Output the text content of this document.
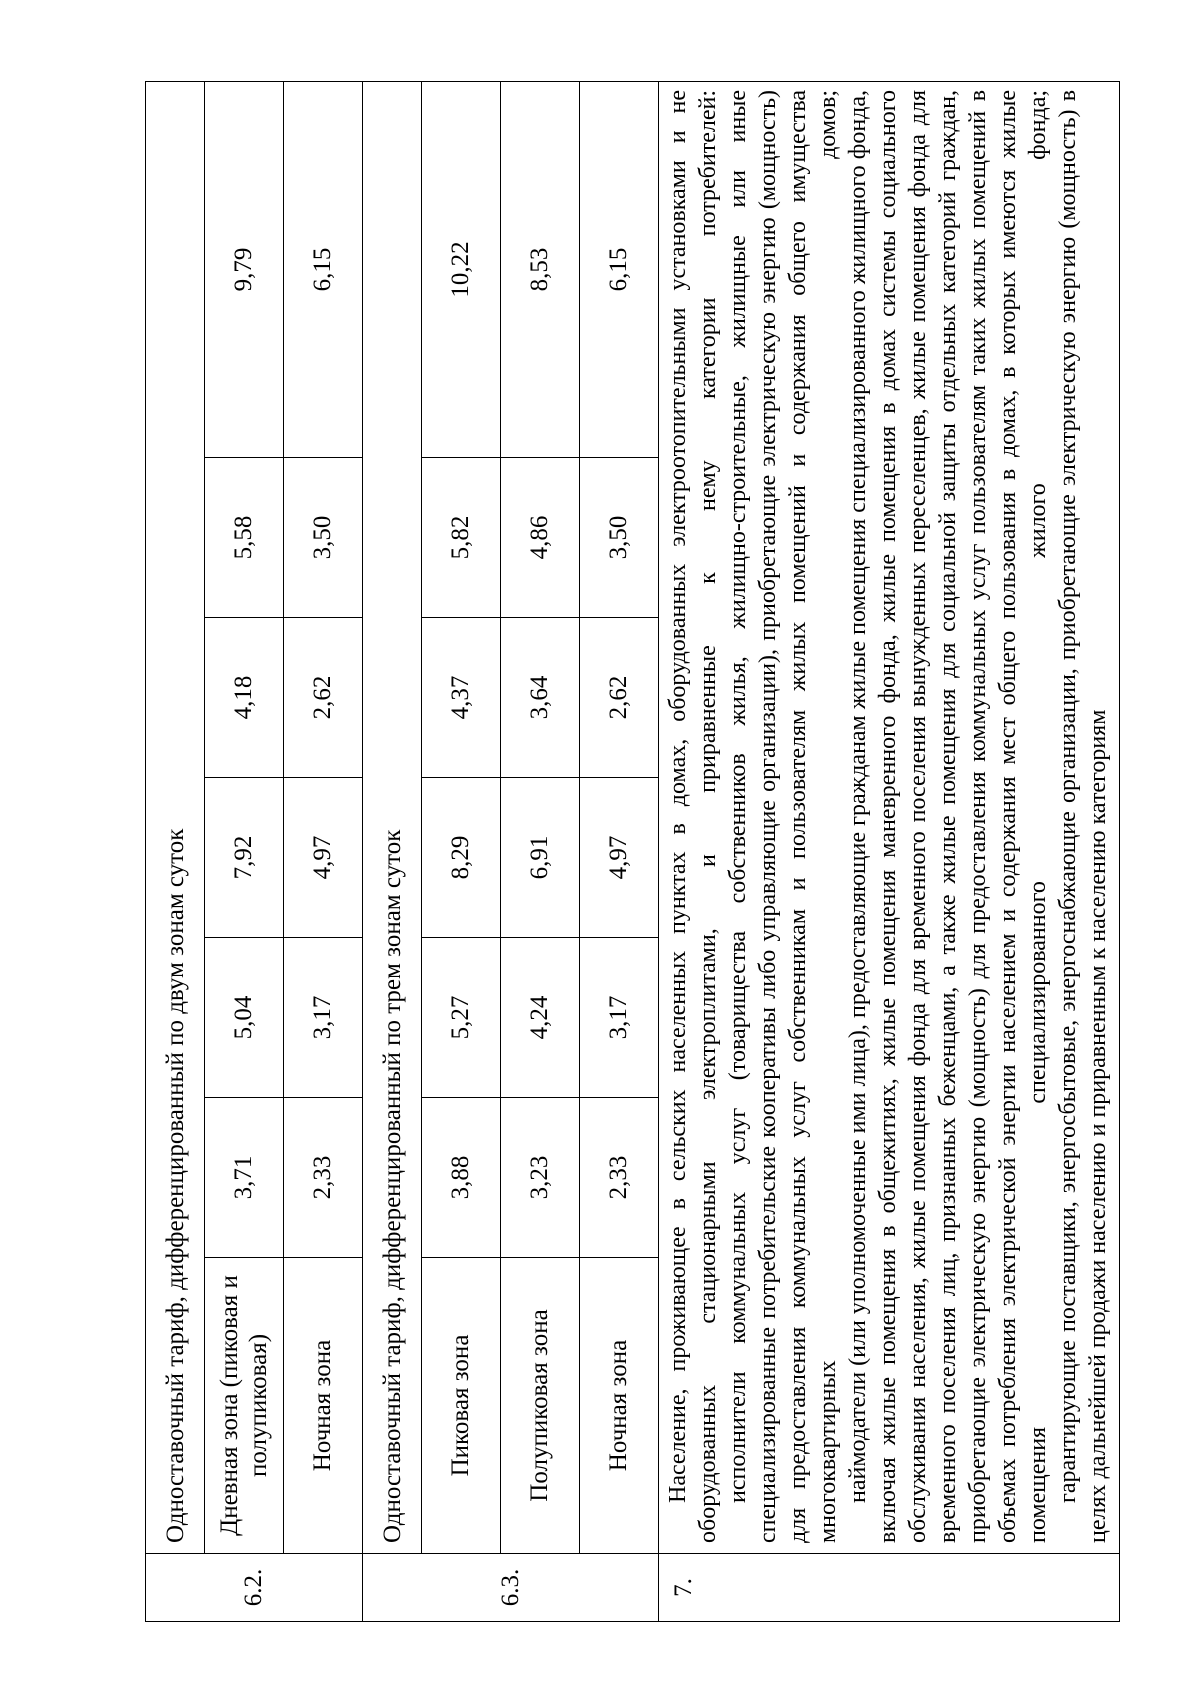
6.2.	Одноставочный тариф, дифференцированный по двум зонам суток						
	Дневная зона (пиковая и полупиковая)	3,71	5,04	7,92	4,18	5,58	9,79
	Ночная зона	2,33	3,17	4,97	2,62	3,50	6,15
6.3.	Одноставочный тариф, дифференцированный по трем зонам суток						
	Пиковая зона	3,88	5,27	8,29	4,37	5,82	10,22
	Полупиковая зона	3,23	4,24	6,91	3,64	4,86	8,53
	Ночная зона	2,33	3,17	4,97	2,62	3,50	6,15
7.	Население, проживающее в сельских населенных пунктах в домах, оборудованных электроотопительными установками и не оборудованных стационарными электроплитами, и приравненные к нему категории потребителей: исполнители коммунальных услуг (товарищества собственников жилья, жилищно-строительные, жилищные или иные специализированные потребительские кооперативы либо управляющие организации), приобретающие электрическую энергию (мощность) для предоставления коммунальных услуг собственникам и пользователям жилых помещений и содержания общего имущества многоквартирных домов; наймодатели (или уполномоченные ими лица), предоставляющие гражданам жилые помещения специализированного жилищного фонда, включая жилые помещения в общежитиях, жилые помещения маневренного фонда, жилые помещения в домах системы социального обслуживания населения, жилые помещения фонда для временного поселения вынужденных переселенцев, жилые помещения фонда для временного поселения лиц, признанных беженцами, а также жилые помещения для социальной защиты отдельных категорий граждан, приобретающие электрическую энергию (мощность) для предоставления коммунальных услуг пользователям таких жилых помещений в объемах потребления электрической энергии населением и содержания мест общего пользования в домах, в которых имеются жилые помещения специализированного жилого фонда; гарантирующие поставщики, энергосбытовые, энергоснабжающие организации, приобретающие электрическую энергию (мощность) в целях дальнейшей продажи населению и приравненным к населению категориям						
